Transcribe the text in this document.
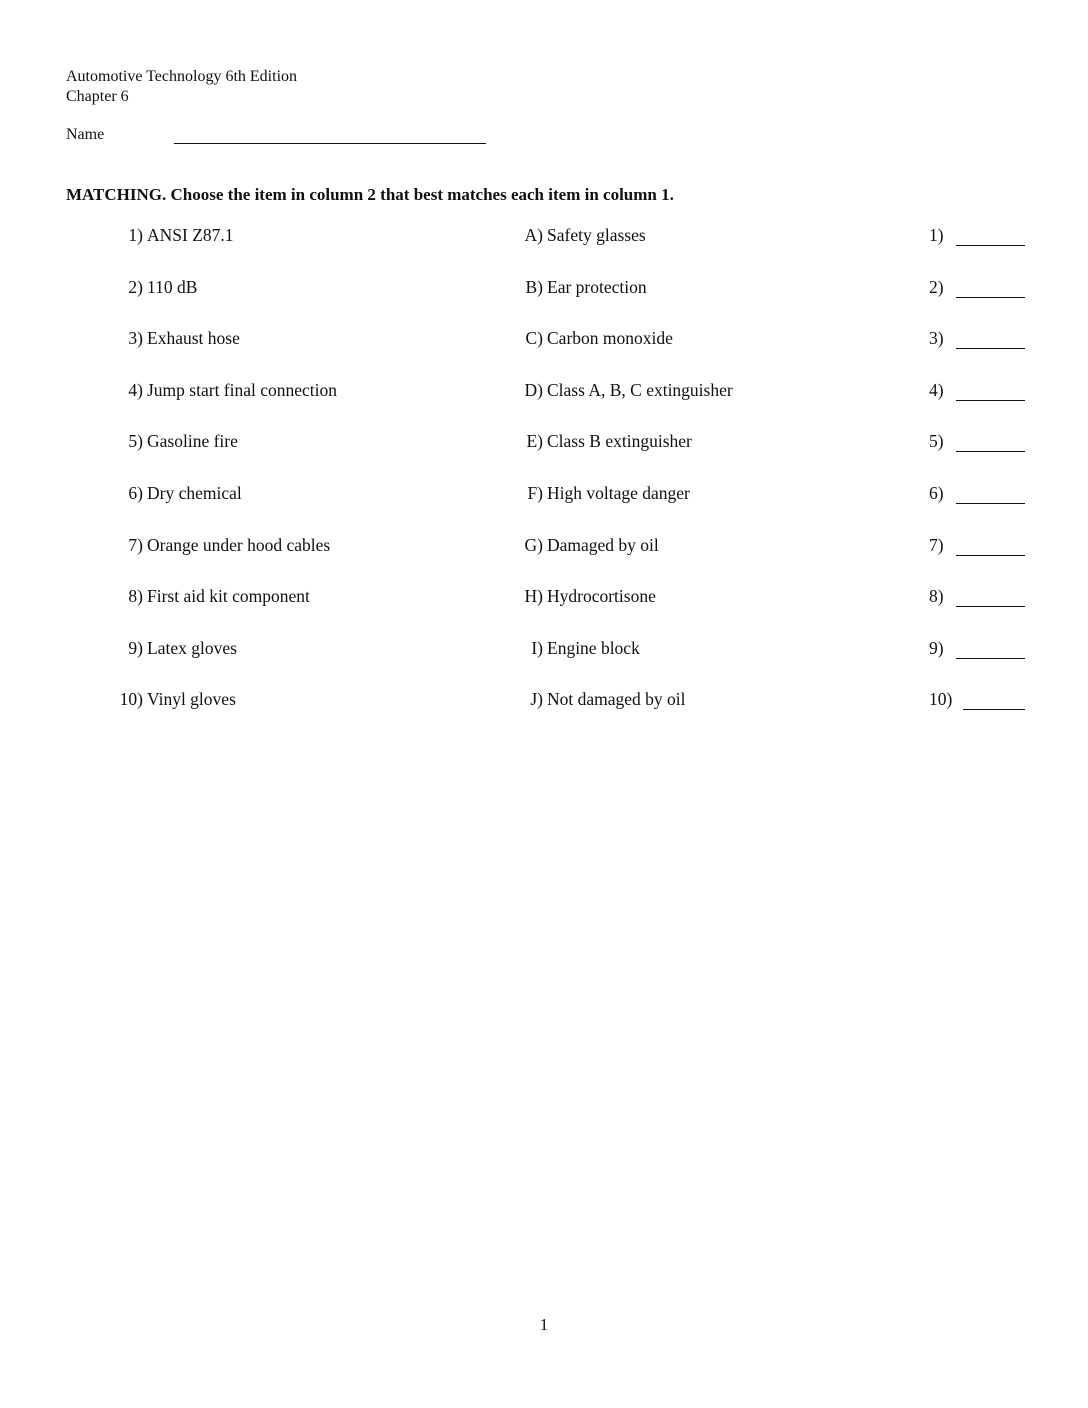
Automotive Technology 6th Edition
Chapter 6
Name
MATCHING. Choose the item in column 2 that best matches each item in column 1.
1) ANSI Z87.1	A) Safety glasses	1)
2) 110 dB	B) Ear protection	2)
3) Exhaust hose	C) Carbon monoxide	3)
4) Jump start final connection	D) Class A, B, C extinguisher	4)
5) Gasoline fire	E) Class B extinguisher	5)
6) Dry chemical	F) High voltage danger	6)
7) Orange under hood cables	G) Damaged by oil	7)
8) First aid kit component	H) Hydrocortisone	8)
9) Latex gloves	I) Engine block	9)
10) Vinyl gloves	J) Not damaged by oil	10)
1
